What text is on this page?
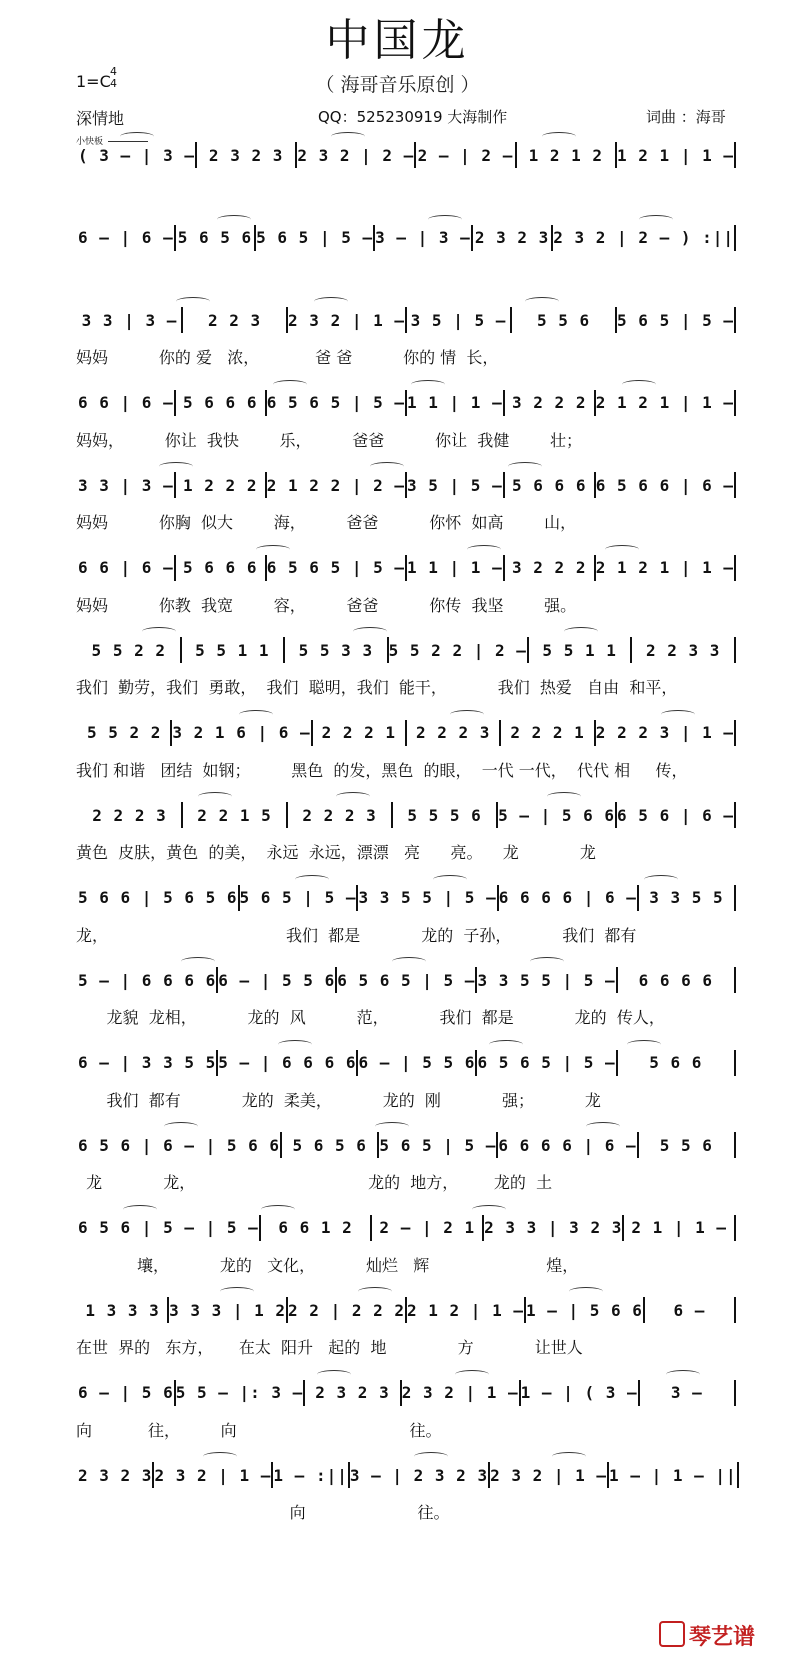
中国龙
（ 海哥音乐原创 ）
1=C
4
4
深情地	QQ：525230919 大海制作	词曲 ：海哥
小快板
( 3 — | 3 — 2 3 2 3 2 3 2 | 2 — 2 — | 2 — 1 2 1 2 1 2 1 | 1 —
6 — | 6 — 5 6 5 6 5 6 5 | 5 — 3 — | 3 — 2 3 2 3 2 3 2 | 2 — ) :||
3 3 | 3 —	2 2 3	2 3 2 | 1 — 3 5 | 5 —	5 5 6	5 6 5 | 5 —
妈妈          你的 爱   浓，           爸 爸          你的 情  长，
6 6 | 6 — 5 6 6 6 6 5 6 5 | 5 — 1 1 | 1 — 3 2 2 2 2 1 2 1 | 1 —
妈妈，        你让  我快        乐，        爸爸          你让  我健        壮；
3 3 | 3 — 1 2 2 2 2 1 2 2 | 2 — 3 5 | 5 — 5 6 6 6 6 5 6 6 | 6 —
妈妈          你胸  似大        海，        爸爸          你怀  如高        山，
6 6 | 6 — 5 6 6 6 6 5 6 5 | 5 — 1 1 | 1 — 3 2 2 2 2 1 2 1 | 1 —
妈妈          你教  我宽        容，        爸爸          你传  我坚        强。
5 5 2 2	5 5 1 1	5 5 3 3 5 5 2 2 | 2 — 5 5 1 1	2 2 3 3
我们  勤劳，我们  勇敢，  我们  聪明，我们  能干，          我们  热爱   自由  和平，
5 5 2 2 3 2 1 6 | 6 — 2 2 2 1	2 2 2 3	2 2 2 1 2 2 2 3 | 1 —
我们 和谐   团结  如钢；        黑色  的发，黑色  的眼，  一代 一代，  代代 相     传，
2 2 2 3	2 2 1 5	2 2 2 3	5 5 5 6	5 — | 5 6 6 6 5 6 | 6 —
黄色  皮肤，黄色  的美，  永远  永远，漂漂   亮      亮。    龙            龙
5 6 6 | 5 6 5 6 5 6 5 | 5 — 3 3 5 5 | 5 — 6 6 6 6 | 6 — 3 3 5 5
龙，                                   我们  都是            龙的  子孙，          我们  都有
5 — | 6 6 6 6 6 — | 5 5 6 6 5 6 5 | 5 — 3 3 5 5 | 5 —	6 6 6 6
龙貌  龙相，          龙的  风          范，          我们  都是            龙的  传人，
6 — | 3 3 5 5 5 — | 6 6 6 6 6 — | 5 5 6 6 5 6 5 | 5 —	5 6 6
我们  都有            龙的  柔美，          龙的  刚            强；          龙
6 5 6 | 6 — | 5 6 6 5 6 5 6 5 6 5 | 5 — 6 6 6 6 | 6 —	5 5 6
龙            龙，                                  龙的  地方，       龙的  土
6 5 6 | 5 — | 5 —	6 6 1 2	2 — | 2 1 2 3 3 | 3 2 3 2 1 | 1 —
壤，          龙的   文化，          灿烂   辉                       煌，
1 3 3 3 3 3 3 | 1 2 2 2 | 2 2 2 2 1 2 | 1 — 1 — | 5 6 6	6 —
在世  界的   东方，     在太  阳升   起的  地              方            让世人
6 — | 5 6 5 5 — |: 3 — 2 3 2 3 2 3 2 | 1 — 1 — | ( 3 —	3 —
向           往，        向                                  往。
2 3 2 3 2 3 2 | 1 — 1 — :|| 3 — | 2 3 2 3 2 3 2 | 1 — 1 — | 1 — ||
向                      往。
琴艺谱
